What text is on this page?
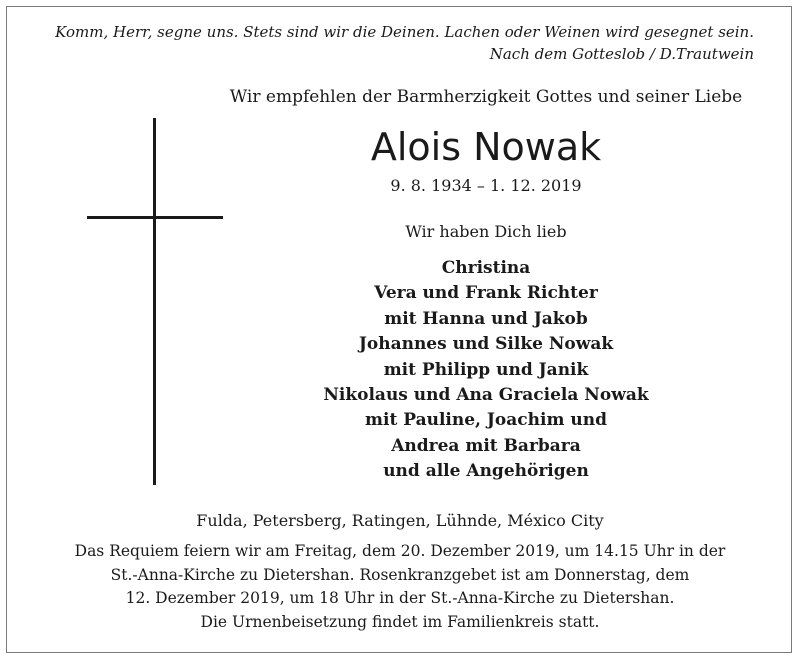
Komm, Herr, segne uns. Stets sind wir die Deinen. Lachen oder Weinen wird gesegnet sein.
Nach dem Gotteslob / D.Trautwein
Wir empfehlen der Barmherzigkeit Gottes und seiner Liebe
Alois Nowak
9. 8. 1934 – 1. 12. 2019
Wir haben Dich lieb
Christina
Vera und Frank Richter
mit Hanna und Jakob
Johannes und Silke Nowak
mit Philipp und Janik
Nikolaus und Ana Graciela Nowak
mit Pauline, Joachim und
Andrea mit Barbara
und alle Angehörigen
Fulda, Petersberg, Ratingen, Lühnde, México City
Das Requiem feiern wir am Freitag, dem 20. Dezember 2019, um 14.15 Uhr in der
St.-Anna-Kirche zu Dietershan. Rosenkranzgebet ist am Donnerstag, dem
12. Dezember 2019, um 18 Uhr in der St.-Anna-Kirche zu Dietershan.
Die Urnenbeisetzung findet im Familienkreis statt.
